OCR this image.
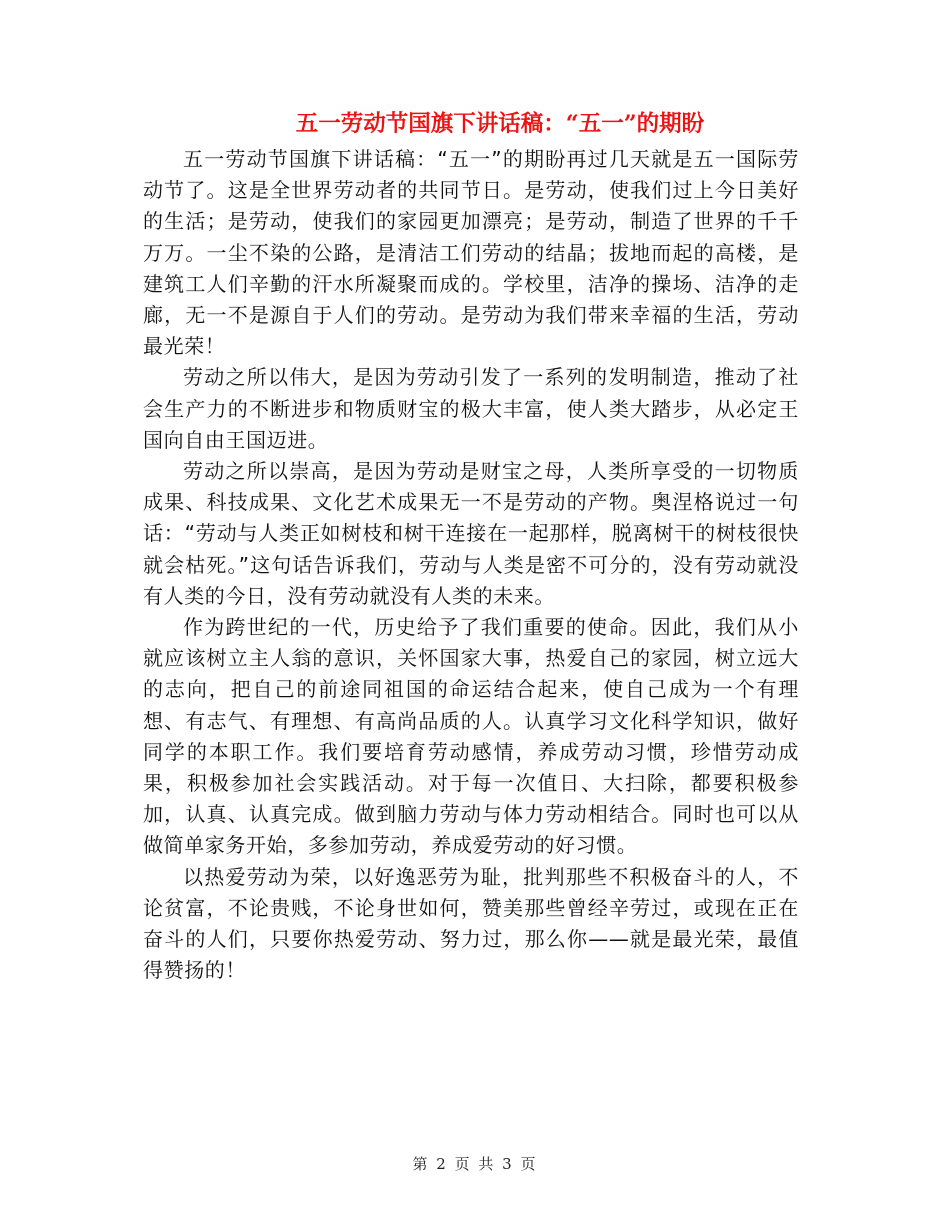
五一劳动节国旗下讲话稿：“五一”的期盼

五一劳动节国旗下讲话稿：“五一”的期盼再过几天就是五一国际劳动节了。这是全世界劳动者的共同节日。是劳动，使我们过上今日美好的生活；是劳动，使我们的家园更加漂亮；是劳动，制造了世界的千千万万。一尘不染的公路，是清洁工们劳动的结晶；拔地而起的高楼，是建筑工人们辛勤的汗水所凝聚而成的。学校里，洁净的操场、洁净的走廊，无一不是源自于人们的劳动。是劳动为我们带来幸福的生活，劳动最光荣！

劳动之所以伟大，是因为劳动引发了一系列的发明制造，推动了社会生产力的不断进步和物质财宝的极大丰富，使人类大踏步，从必定王国向自由王国迈进。

劳动之所以崇高，是因为劳动是财宝之母，人类所享受的一切物质成果、科技成果、文化艺术成果无一不是劳动的产物。奥涅格说过一句话：“劳动与人类正如树枝和树干连接在一起那样，脱离树干的树枝很快就会枯死。”这句话告诉我们，劳动与人类是密不可分的，没有劳动就没有人类的今日，没有劳动就没有人类的未来。

作为跨世纪的一代，历史给予了我们重要的使命。因此，我们从小就应该树立主人翁的意识，关怀国家大事，热爱自己的家园，树立远大的志向，把自己的前途同祖国的命运结合起来，使自己成为一个有理想、有志气、有理想、有高尚品质的人。认真学习文化科学知识，做好同学的本职工作。我们要培育劳动感情，养成劳动习惯，珍惜劳动成果，积极参加社会实践活动。对于每一次值日、大扫除，都要积极参加，认真、认真完成。做到脑力劳动与体力劳动相结合。同时也可以从做简单家务开始，多参加劳动，养成爱劳动的好习惯。

以热爱劳动为荣，以好逸恶劳为耻，批判那些不积极奋斗的人，不论贫富，不论贵贱，不论身世如何，赞美那些曾经辛劳过，或现在正在奋斗的人们，只要你热爱劳动、努力过，那么你——就是最光荣，最值得赞扬的！

第 2 页 共 3 页
